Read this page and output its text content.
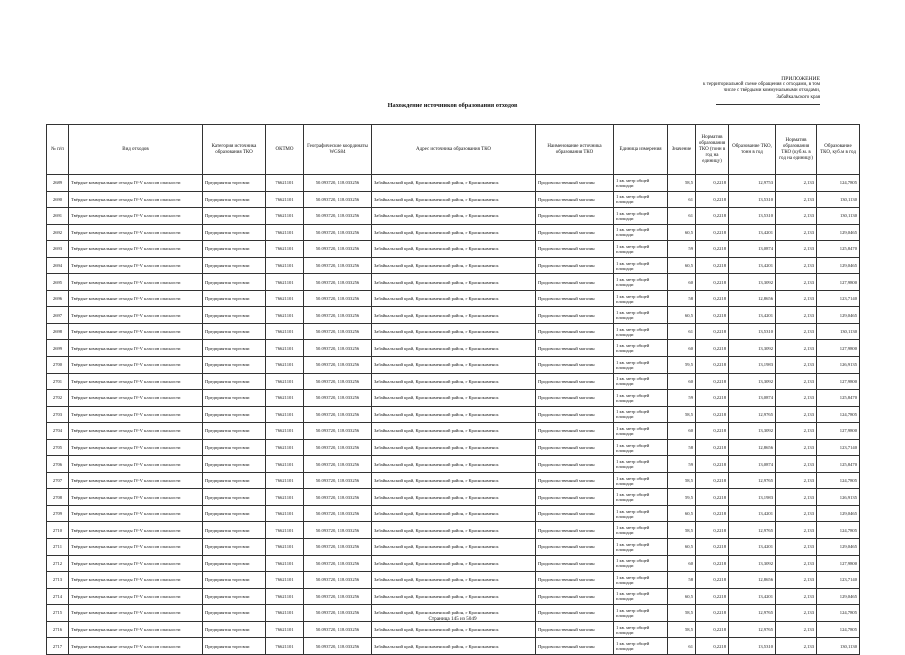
ПРИЛОЖЕНИЕ
к территориальной схеме обращения с отходами, в том
числе с твёрдыми коммунальными отходами,
Забайкальского края
Нахождение источников образования отходов
№ п/п	Вид отходов	Категория источника образования ТКО	ОКТМО	Географические координаты WGS84	Адрес источника образования ТКО	Наименование источника образования ТКО	Единица измерения	Значение	Норматив образования ТКО (тонн в год на единицу)	Образование ТКО, тонн в год	Норматив образования ТКО (куб.м. в год на единицу)	Образование ТКО, куб.м в год
2689	Твёрдые коммунальные отходы IV-V классов опасности	Предприятия торговли	76621101	50.093720, 118.033256	Забайкальский край, Краснокаменский район, г Краснокаменск	Продовольственный магазин	1 кв. метр общей площади	58,5	0,2218	12,9753	2,133	124,7805
2690	Твёрдые коммунальные отходы IV-V классов опасности	Предприятия торговли	76621101	50.093720, 118.033256	Забайкальский край, Краснокаменский район, г Краснокаменск	Продовольственный магазин	1 кв. метр общей площади	61	0,2218	13,5310	2,133	130,1130
2691	Твёрдые коммунальные отходы IV-V классов опасности	Предприятия торговли	76621101	50.093720, 118.033256	Забайкальский край, Краснокаменский район, г Краснокаменск	Продовольственный магазин	1 кв. метр общей площади	61	0,2218	13,5310	2,133	130,1130
2692	Твёрдые коммунальные отходы IV-V классов опасности	Предприятия торговли	76621101	50.093720, 118.033256	Забайкальский край, Краснокаменский район, г Краснокаменск	Продовольственный магазин	1 кв. метр общей площади	60,5	0,2218	13,4201	2,133	129,0465
2693	Твёрдые коммунальные отходы IV-V классов опасности	Предприятия торговли	76621101	50.093720, 118.033256	Забайкальский край, Краснокаменский район, г Краснокаменск	Продовольственный магазин	1 кв. метр общей площади	59	0,2218	13,0874	2,133	125,8470
2694	Твёрдые коммунальные отходы IV-V классов опасности	Предприятия торговли	76621101	50.093720, 118.033256	Забайкальский край, Краснокаменский район, г Краснокаменск	Продовольственный магазин	1 кв. метр общей площади	60,5	0,2218	13,4201	2,133	129,0465
2695	Твёрдые коммунальные отходы IV-V классов опасности	Предприятия торговли	76621101	50.093720, 118.033256	Забайкальский край, Краснокаменский район, г Краснокаменск	Продовольственный магазин	1 кв. метр общей площади	60	0,2218	13,3092	2,133	127,9800
2696	Твёрдые коммунальные отходы IV-V классов опасности	Предприятия торговли	76621101	50.093720, 118.033256	Забайкальский край, Краснокаменский район, г Краснокаменск	Продовольственный магазин	1 кв. метр общей площади	58	0,2218	12,8656	2,133	123,7140
2697	Твёрдые коммунальные отходы IV-V классов опасности	Предприятия торговли	76621101	50.093720, 118.033256	Забайкальский край, Краснокаменский район, г Краснокаменск	Продовольственный магазин	1 кв. метр общей площади	60,5	0,2218	13,4201	2,133	129,0465
2698	Твёрдые коммунальные отходы IV-V классов опасности	Предприятия торговли	76621101	50.093720, 118.033256	Забайкальский край, Краснокаменский район, г Краснокаменск	Продовольственный магазин	1 кв. метр общей площади	61	0,2218	13,5310	2,133	130,1130
2699	Твёрдые коммунальные отходы IV-V классов опасности	Предприятия торговли	76621101	50.093720, 118.033256	Забайкальский край, Краснокаменский район, г Краснокаменск	Продовольственный магазин	1 кв. метр общей площади	60	0,2218	13,3092	2,133	127,9800
2700	Твёрдые коммунальные отходы IV-V классов опасности	Предприятия торговли	76621101	50.093720, 118.033256	Забайкальский край, Краснокаменский район, г Краснокаменск	Продовольственный магазин	1 кв. метр общей площади	59,5	0,2218	13,1983	2,133	126,9135
2701	Твёрдые коммунальные отходы IV-V классов опасности	Предприятия торговли	76621101	50.093720, 118.033256	Забайкальский край, Краснокаменский район, г Краснокаменск	Продовольственный магазин	1 кв. метр общей площади	60	0,2218	13,3092	2,133	127,9800
2702	Твёрдые коммунальные отходы IV-V классов опасности	Предприятия торговли	76621101	50.093720, 118.033256	Забайкальский край, Краснокаменский район, г Краснокаменск	Продовольственный магазин	1 кв. метр общей площади	59	0,2218	13,0874	2,133	125,8470
2703	Твёрдые коммунальные отходы IV-V классов опасности	Предприятия торговли	76621101	50.093720, 118.033256	Забайкальский край, Краснокаменский район, г Краснокаменск	Продовольственный магазин	1 кв. метр общей площади	58,5	0,2218	12,9765	2,133	124,7805
2704	Твёрдые коммунальные отходы IV-V классов опасности	Предприятия торговли	76621101	50.093720, 118.033256	Забайкальский край, Краснокаменский район, г Краснокаменск	Продовольственный магазин	1 кв. метр общей площади	60	0,2218	13,3092	2,133	127,9800
2705	Твёрдые коммунальные отходы IV-V классов опасности	Предприятия торговли	76621101	50.093720, 118.033256	Забайкальский край, Краснокаменский район, г Краснокаменск	Продовольственный магазин	1 кв. метр общей площади	58	0,2218	12,8656	2,133	123,7140
2706	Твёрдые коммунальные отходы IV-V классов опасности	Предприятия торговли	76621101	50.093720, 118.033256	Забайкальский край, Краснокаменский район, г Краснокаменск	Продовольственный магазин	1 кв. метр общей площади	59	0,2218	13,0874	2,133	125,8470
2707	Твёрдые коммунальные отходы IV-V классов опасности	Предприятия торговли	76621101	50.093720, 118.033256	Забайкальский край, Краснокаменский район, г Краснокаменск	Продовольственный магазин	1 кв. метр общей площади	58,5	0,2218	12,9765	2,133	124,7805
2708	Твёрдые коммунальные отходы IV-V классов опасности	Предприятия торговли	76621101	50.093720, 118.033256	Забайкальский край, Краснокаменский район, г Краснокаменск	Продовольственный магазин	1 кв. метр общей площади	59,5	0,2218	13,1983	2,133	126,9135
2709	Твёрдые коммунальные отходы IV-V классов опасности	Предприятия торговли	76621101	50.093720, 118.033256	Забайкальский край, Краснокаменский район, г Краснокаменск	Продовольственный магазин	1 кв. метр общей площади	60,5	0,2218	13,4201	2,133	129,0465
2710	Твёрдые коммунальные отходы IV-V классов опасности	Предприятия торговли	76621101	50.093720, 118.033256	Забайкальский край, Краснокаменский район, г Краснокаменск	Продовольственный магазин	1 кв. метр общей площади	58,5	0,2218	12,9765	2,133	124,7805
2711	Твёрдые коммунальные отходы IV-V классов опасности	Предприятия торговли	76621101	50.093720, 118.033256	Забайкальский край, Краснокаменский район, г Краснокаменск	Продовольственный магазин	1 кв. метр общей площади	60,5	0,2218	13,4201	2,133	129,0465
2712	Твёрдые коммунальные отходы IV-V классов опасности	Предприятия торговли	76621101	50.093720, 118.033256	Забайкальский край, Краснокаменский район, г Краснокаменск	Продовольственный магазин	1 кв. метр общей площади	60	0,2218	13,3092	2,133	127,9800
2713	Твёрдые коммунальные отходы IV-V классов опасности	Предприятия торговли	76621101	50.093720, 118.033256	Забайкальский край, Краснокаменский район, г Краснокаменск	Продовольственный магазин	1 кв. метр общей площади	58	0,2218	12,8656	2,133	123,7140
2714	Твёрдые коммунальные отходы IV-V классов опасности	Предприятия торговли	76621101	50.093720, 118.033256	Забайкальский край, Краснокаменский район, г Краснокаменск	Продовольственный магазин	1 кв. метр общей площади	60,5	0,2218	13,4201	2,133	129,0465
2715	Твёрдые коммунальные отходы IV-V классов опасности	Предприятия торговли	76621101	50.093720, 118.033256	Забайкальский край, Краснокаменский район, г Краснокаменск	Продовольственный магазин	1 кв. метр общей площади	58,5	0,2218	12,9765	2,133	124,7805
2716	Твёрдые коммунальные отходы IV-V классов опасности	Предприятия торговли	76621101	50.093720, 118.033256	Забайкальский край, Краснокаменский район, г Краснокаменск	Продовольственный магазин	1 кв. метр общей площади	58,5	0,2218	12,9765	2,133	124,7805
2717	Твёрдые коммунальные отходы IV-V классов опасности	Предприятия торговли	76621101	50.093720, 118.033256	Забайкальский край, Краснокаменский район, г Краснокаменск	Продовольственный магазин	1 кв. метр общей площади	61	0,2218	13,5310	2,133	130,1130
Страница 145 из 5049
